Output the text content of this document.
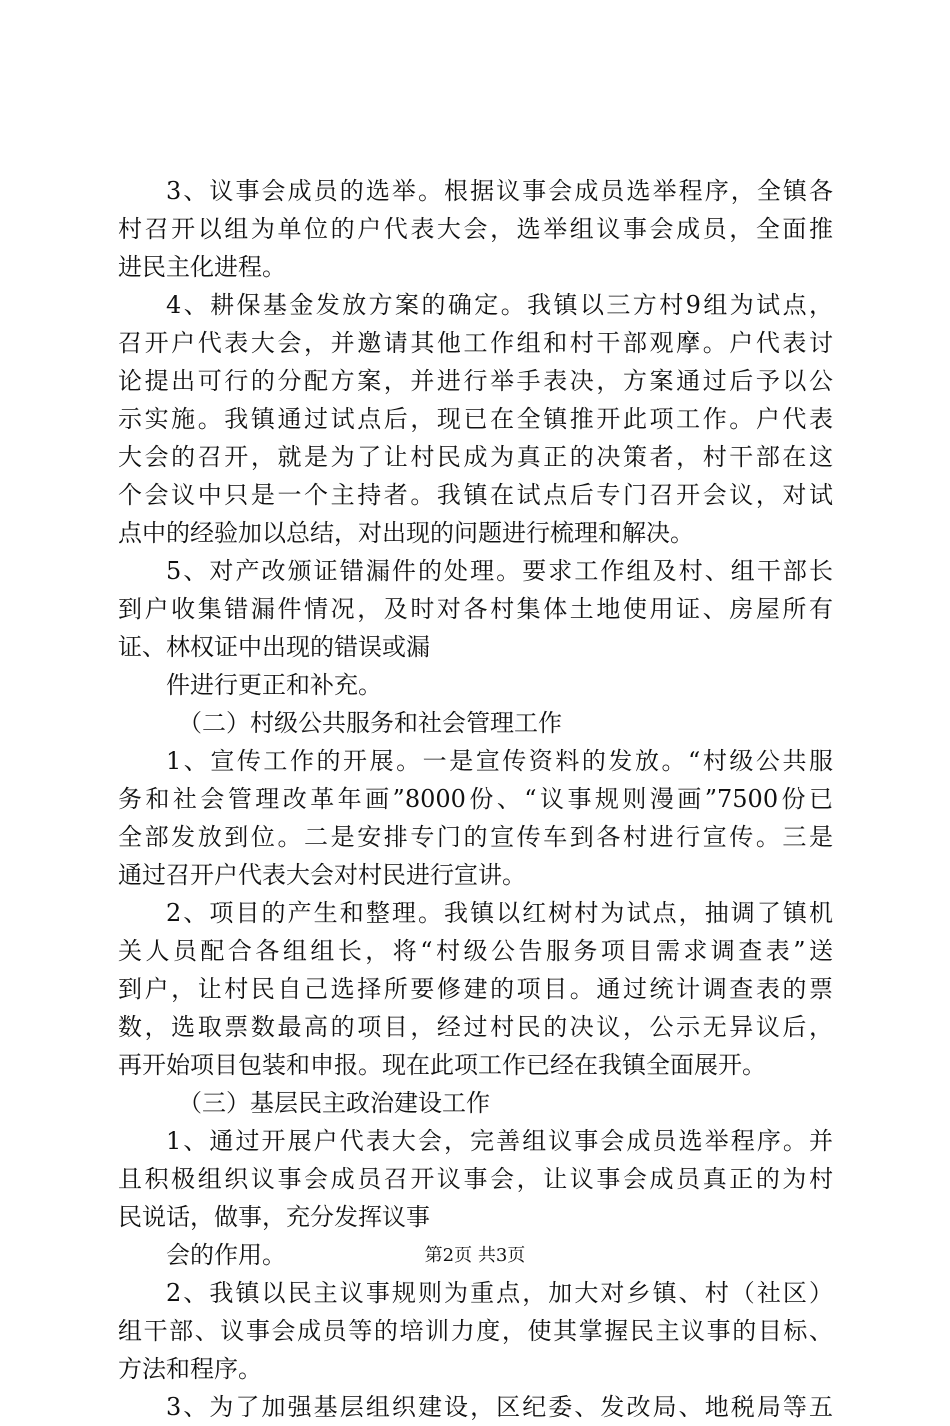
3、议事会成员的选举。根据议事会成员选举程序，全镇各
村召开以组为单位的户代表大会，选举组议事会成员，全面推
进民主化进程。
4、耕保基金发放方案的确定。我镇以三方村9组为试点，
召开户代表大会，并邀请其他工作组和村干部观摩。户代表讨
论提出可行的分配方案，并进行举手表决，方案通过后予以公
示实施。我镇通过试点后，现已在全镇推开此项工作。户代表
大会的召开，就是为了让村民成为真正的决策者，村干部在这
个会议中只是一个主持者。我镇在试点后专门召开会议，对试
点中的经验加以总结，对出现的问题进行梳理和解决。
5、对产改颁证错漏件的处理。要求工作组及村、组干部长
到户收集错漏件情况，及时对各村集体土地使用证、房屋所有
证、林权证中出现的错误或漏
件进行更正和补充。
（二）村级公共服务和社会管理工作
1、宣传工作的开展。一是宣传资料的发放。“村级公共服
务和社会管理改革年画”8000份、“议事规则漫画”7500份已
全部发放到位。二是安排专门的宣传车到各村进行宣传。三是
通过召开户代表大会对村民进行宣讲。
2、项目的产生和整理。我镇以红树村为试点，抽调了镇机
关人员配合各组组长，将“村级公告服务项目需求调查表”送
到户，让村民自己选择所要修建的项目。通过统计调查表的票
数，选取票数最高的项目，经过村民的决议，公示无异议后，
再开始项目包装和申报。现在此项工作已经在我镇全面展开。
（三）基层民主政治建设工作
1、通过开展户代表大会，完善组议事会成员选举程序。并
且积极组织议事会成员召开议事会，让议事会成员真正的为村
民说话，做事，充分发挥议事
会的作用。
2、我镇以民主议事规则为重点，加大对乡镇、村（社区）
组干部、议事会成员等的培训力度，使其掌握民主议事的目标、
方法和程序。
3、为了加强基层组织建设，区纪委、发改局、地税局等五
第2页 共3页
